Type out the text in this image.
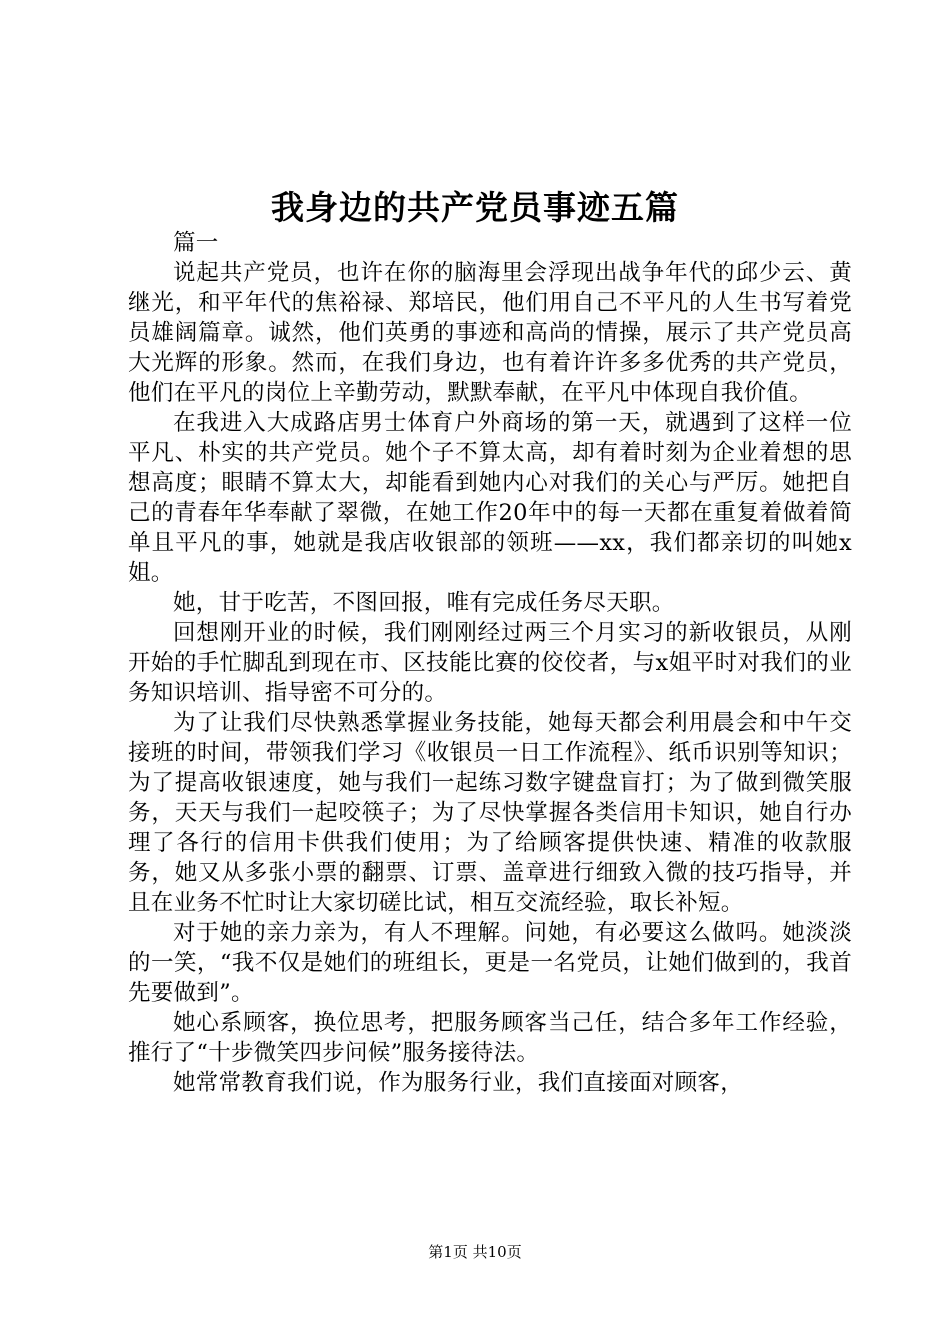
我身边的共产党员事迹五篇

篇一

说起共产党员，也许在你的脑海里会浮现出战争年代的邱少云、黄继光，和平年代的焦裕禄、郑培民，他们用自己不平凡的人生书写着党员雄阔篇章。诚然，他们英勇的事迹和高尚的情操，展示了共产党员高大光辉的形象。然而，在我们身边，也有着许许多多优秀的共产党员，他们在平凡的岗位上辛勤劳动，默默奉献，在平凡中体现自我价值。

在我进入大成路店男士体育户外商场的第一天，就遇到了这样一位平凡、朴实的共产党员。她个子不算太高，却有着时刻为企业着想的思想高度；眼睛不算太大，却能看到她内心对我们的关心与严厉。她把自己的青春年华奉献了翠微，在她工作20年中的每一天都在重复着做着简单且平凡的事，她就是我店收银部的领班——xx，我们都亲切的叫她x姐。

她，甘于吃苦，不图回报，唯有完成任务尽天职。

回想刚开业的时候，我们刚刚经过两三个月实习的新收银员，从刚开始的手忙脚乱到现在市、区技能比赛的佼佼者，与x姐平时对我们的业务知识培训、指导密不可分的。

为了让我们尽快熟悉掌握业务技能，她每天都会利用晨会和中午交接班的时间，带领我们学习《收银员一日工作流程》、纸币识别等知识；为了提高收银速度，她与我们一起练习数字键盘盲打；为了做到微笑服务，天天与我们一起咬筷子；为了尽快掌握各类信用卡知识，她自行办理了各行的信用卡供我们使用；为了给顾客提供快速、精准的收款服务，她又从多张小票的翻票、订票、盖章进行细致入微的技巧指导，并且在业务不忙时让大家切磋比试，相互交流经验，取长补短。

对于她的亲力亲为，有人不理解。问她，有必要这么做吗。她淡淡的一笑，“我不仅是她们的班组长，更是一名党员，让她们做到的，我首先要做到”。

她心系顾客，换位思考，把服务顾客当己任，结合多年工作经验，推行了“十步微笑四步问候”服务接待法。

她常常教育我们说，作为服务行业，我们直接面对顾客，

第1页 共10页
